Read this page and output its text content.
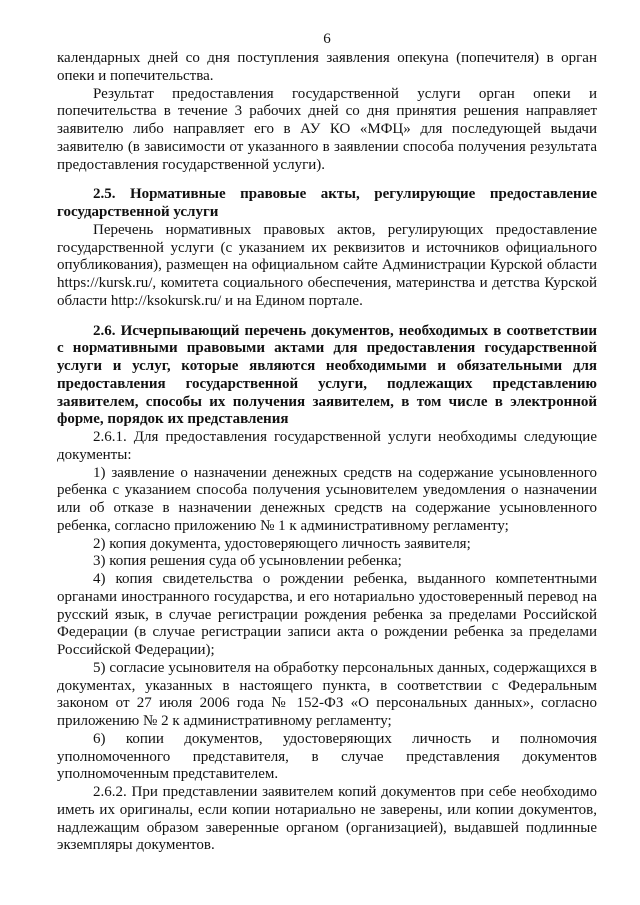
6

календарных дней со дня поступления заявления опекуна (попечителя) в орган опеки и попечительства.

Результат предоставления государственной услуги орган опеки и попечительства в течение 3 рабочих дней со дня принятия решения направляет заявителю либо направляет его в АУ КО «МФЦ» для последующей выдачи заявителю (в зависимости от указанного в заявлении способа получения результата предоставления государственной услуги).

2.5. Нормативные правовые акты, регулирующие предоставление государственной услуги

Перечень нормативных правовых актов, регулирующих предоставление государственной услуги (с указанием их реквизитов и источников официального опубликования), размещен на официальном сайте Администрации Курской области https://kursk.ru/, комитета социального обеспечения, материнства и детства Курской области http://ksokursk.ru/ и на Едином портале.

2.6. Исчерпывающий перечень документов, необходимых в соответствии с нормативными правовыми актами для предоставления государственной услуги и услуг, которые являются необходимыми и обязательными для предоставления государственной услуги, подлежащих представлению заявителем, способы их получения заявителем, в том числе в электронной форме, порядок их представления

2.6.1. Для предоставления государственной услуги необходимы следующие документы:

1) заявление о назначении денежных средств на содержание усыновленного ребенка с указанием способа получения усыновителем уведомления о назначении или об отказе в назначении денежных средств на содержание усыновленного ребенка, согласно приложению № 1 к административному регламенту;

2) копия документа, удостоверяющего личность заявителя;

3) копия решения суда об усыновлении ребенка;

4) копия свидетельства о рождении ребенка, выданного компетентными органами иностранного государства, и его нотариально удостоверенный перевод на русский язык, в случае регистрации рождения ребенка за пределами Российской Федерации (в случае регистрации записи акта о рождении ребенка за пределами Российской Федерации);

5) согласие усыновителя на обработку персональных данных, содержащихся в документах, указанных в настоящего пункта, в соответствии с Федеральным законом от 27 июля 2006 года № 152-ФЗ «О персональных данных», согласно приложению № 2 к административному регламенту;

6) копии документов, удостоверяющих личность и полномочия уполномоченного представителя, в случае представления документов уполномоченным представителем.

2.6.2. При представлении заявителем копий документов при себе необходимо иметь их оригиналы, если копии нотариально не заверены, или копии документов, надлежащим образом заверенные органом (организацией), выдавшей подлинные экземпляры документов.
